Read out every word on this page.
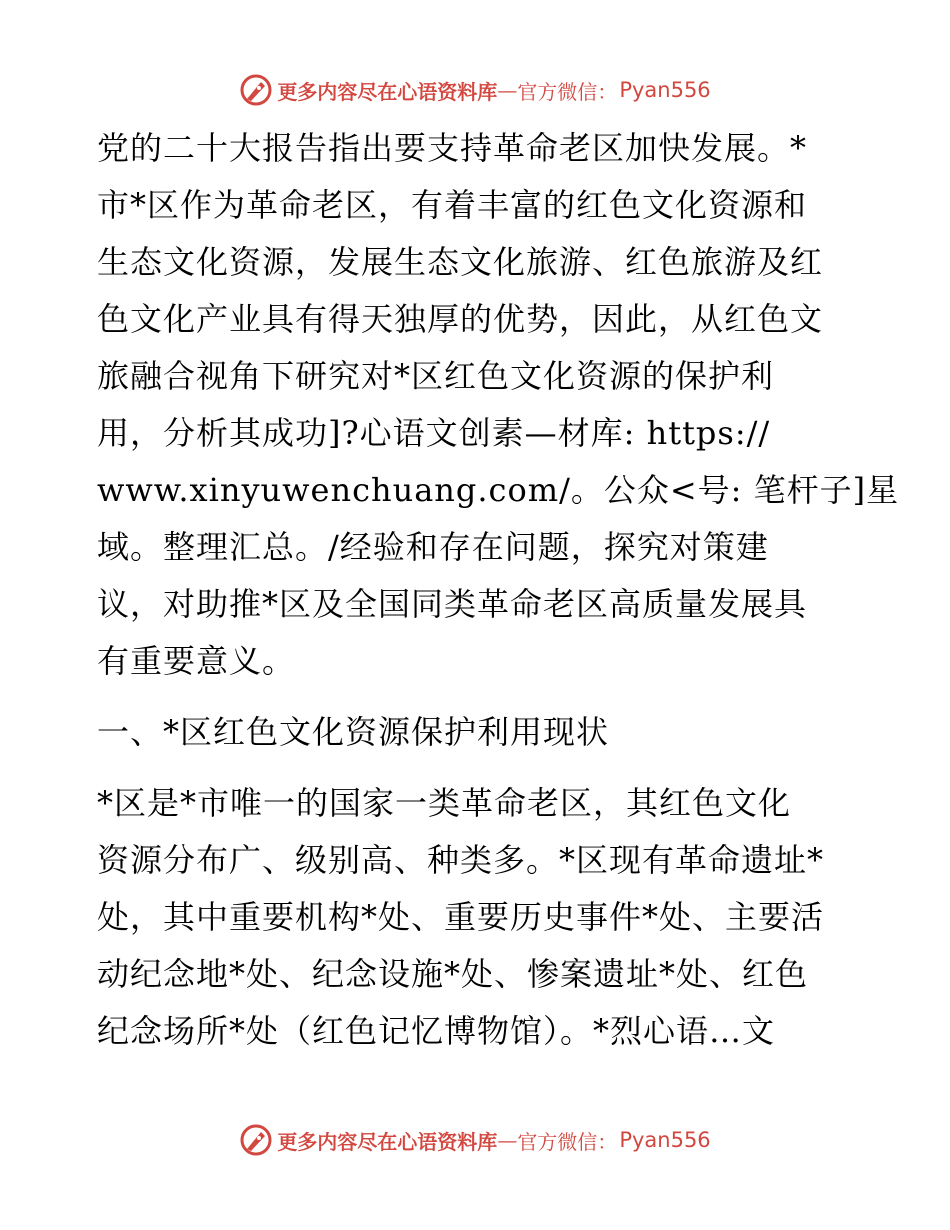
更多内容尽在心语资料库 — 官方微信： Pyan556

党的二十大报告指出要支持革命老区加快发展。*

市*区作为革命老区，有着丰富的红色文化资源和

生态文化资源，发展生态文化旅游、红色旅游及红

色文化产业具有得天独厚的优势，因此，从红色文

旅融合视角下研究对*区红色文化资源的保护利

用，分析其成功]?心语文创素—材库: https://

www.xinyuwenchuang.com/。公众<号: 笔杆子]星

域。整理汇总。/经验和存在问题，探究对策建

议，对助推*区及全国同类革命老区高质量发展具

有重要意义。

一、*区红色文化资源保护利用现状

*区是*市唯一的国家一类革命老区，其红色文化

资源分布广、级别高、种类多。*区现有革命遗址*

处，其中重要机构*处、重要历史事件*处、主要活

动纪念地*处、纪念设施*处、惨案遗址*处、红色

纪念场所*处（红色记忆博物馆）。*烈心语…文

更多内容尽在心语资料库 — 官方微信： Pyan556
